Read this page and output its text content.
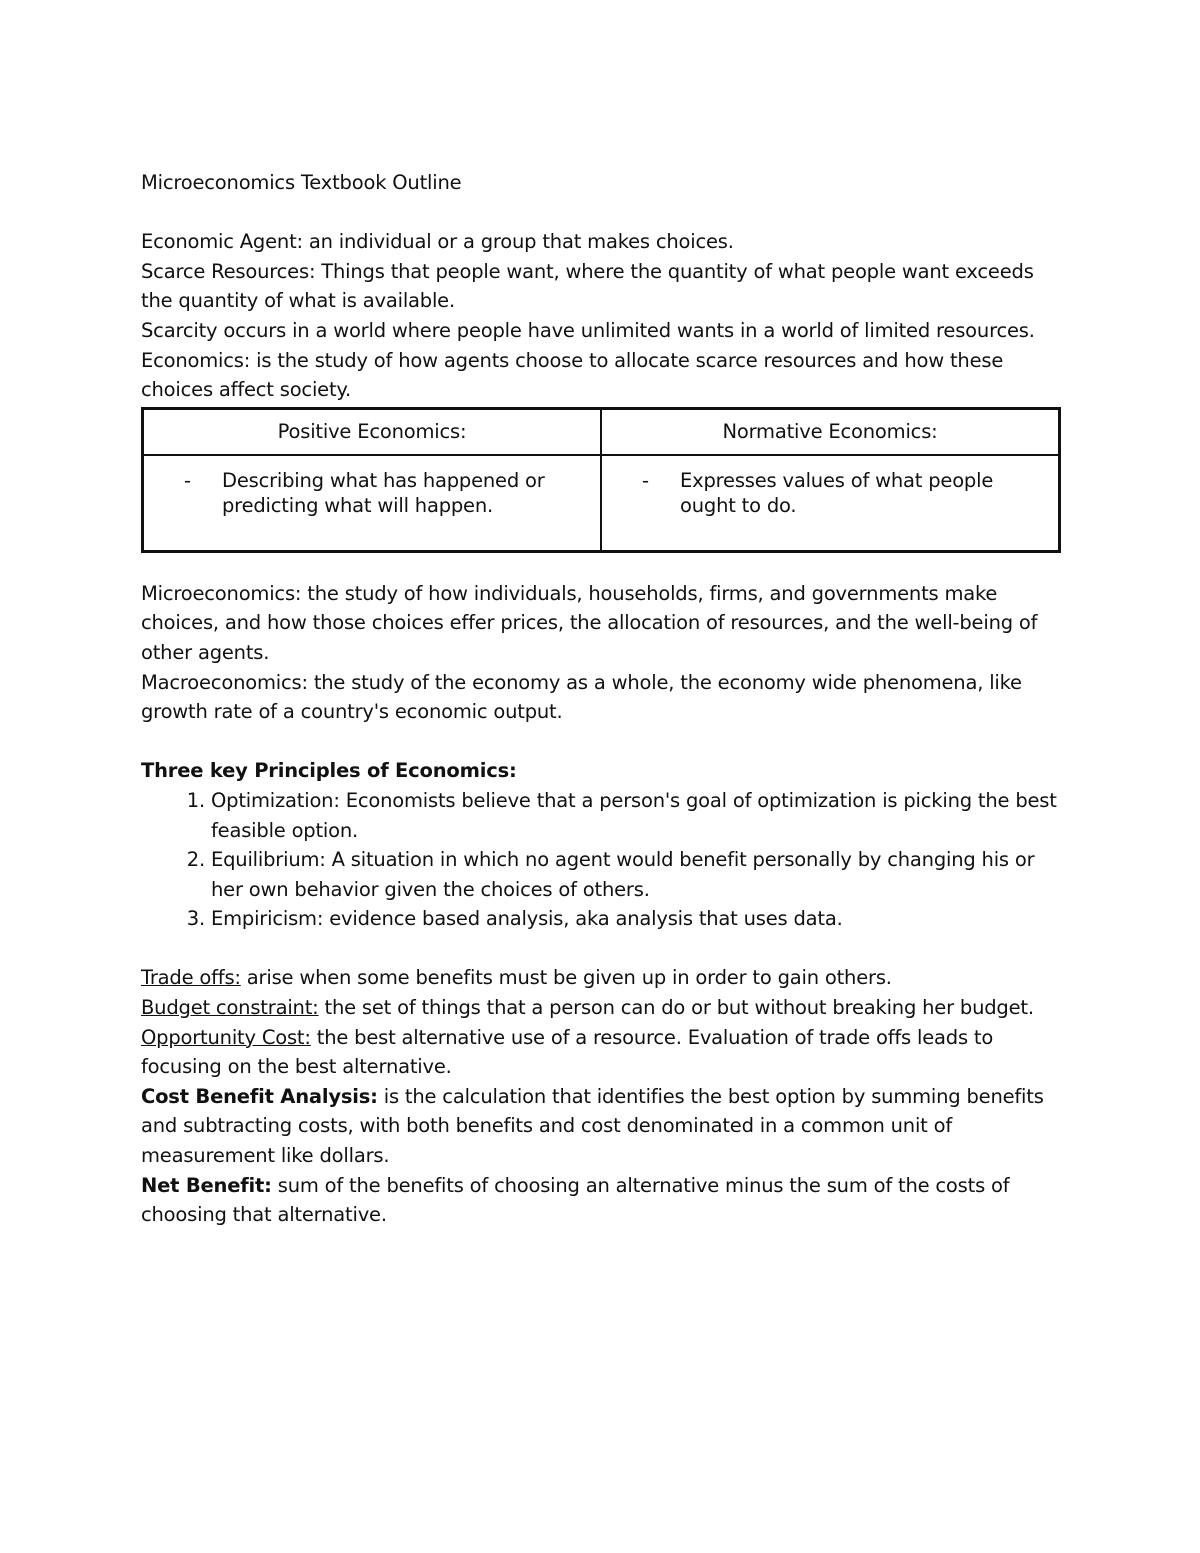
Microeconomics Textbook Outline

Economic Agent: an individual or a group that makes choices.

Scarce Resources: Things that people want, where the quantity of what people want exceeds the quantity of what is available.

Scarcity occurs in a world where people have unlimited wants in a world of limited resources.

Economics: is the study of how agents choose to allocate scarce resources and how these choices affect society.

Positive Economics:	Normative Economics:

- Describing what has happened or predicting what will happen.	- Expresses values of what people ought to do.

Microeconomics: the study of how individuals, households, firms, and governments make choices, and how those choices effer prices, the allocation of resources, and the well-being of other agents.

Macroeconomics: the study of the economy as a whole, the economy wide phenomena, like growth rate of a country's economic output.

Three key Principles of Economics:

1. Optimization: Economists believe that a person's goal of optimization is picking the best feasible option.
2. Equilibrium: A situation in which no agent would benefit personally by changing his or her own behavior given the choices of others.
3. Empiricism: evidence based analysis, aka analysis that uses data.

Trade offs: arise when some benefits must be given up in order to gain others.

Budget constraint: the set of things that a person can do or but without breaking her budget.

Opportunity Cost: the best alternative use of a resource. Evaluation of trade offs leads to focusing on the best alternative.

Cost Benefit Analysis: is the calculation that identifies the best option by summing benefits and subtracting costs, with both benefits and cost denominated in a common unit of measurement like dollars.

Net Benefit: sum of the benefits of choosing an alternative minus the sum of the costs of choosing that alternative.
